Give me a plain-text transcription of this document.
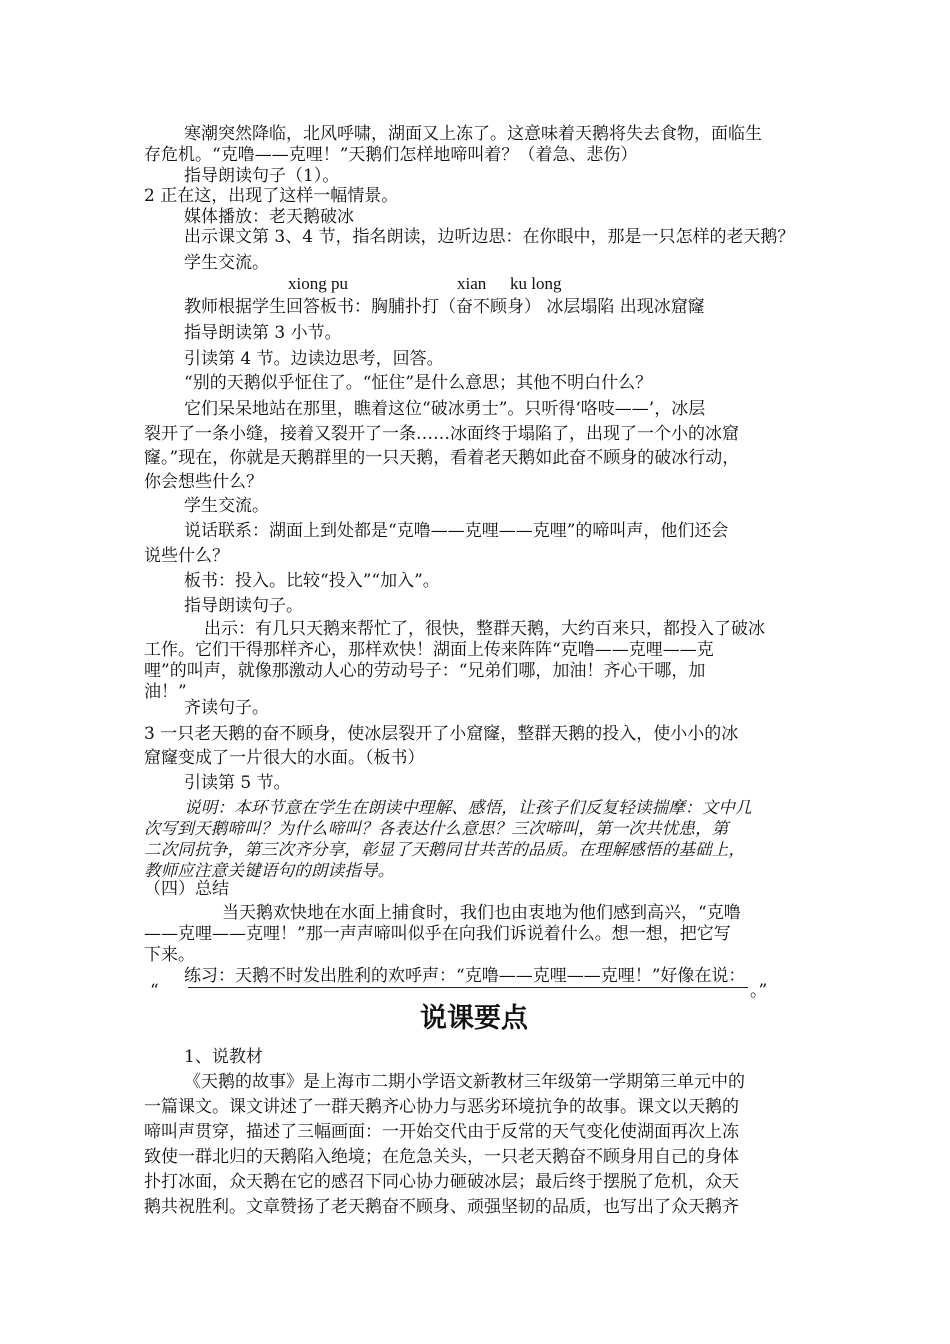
寒潮突然降临，北风呼啸，湖面又上冻了。这意味着天鹅将失去食物，面临生
存危机。“克噜——克哩！”天鹅们怎样地啼叫着？（着急、悲伤）
指导朗读句子（1）。
2 正在这，出现了这样一幅情景。
媒体播放：老天鹅破冰
出示课文第 3、4 节，指名朗读，边听边思：在你眼中，那是一只怎样的老天鹅？
学生交流。
xiong pu	xian ku long
教师根据学生回答板书：胸脯扑打（奋不顾身） 冰层塌陷 出现冰窟窿
指导朗读第 3 小节。
引读第 4 节。边读边思考，回答。
“别的天鹅似乎怔住了。“怔住”是什么意思；其他不明白什么？
它们呆呆地站在那里，瞧着这位“破冰勇士”。只听得‘咯吱——’，冰层
裂开了一条小缝，接着又裂开了一条……冰面终于塌陷了，出现了一个小的冰窟
窿。”现在，你就是天鹅群里的一只天鹅，看着老天鹅如此奋不顾身的破冰行动，
你会想些什么？
学生交流。
说话联系：湖面上到处都是“克噜——克哩——克哩”的啼叫声，他们还会
说些什么？
板书：投入。比较“投入”“加入”。
指导朗读句子。
出示：有几只天鹅来帮忙了，很快，整群天鹅，大约百来只，都投入了破冰
工作。它们干得那样齐心，那样欢快！湖面上传来阵阵“克噜——克哩——克
哩”的叫声，就像那激动人心的劳动号子：“兄弟们哪，加油！齐心干哪，加
油！”
齐读句子。
3 一只老天鹅的奋不顾身，使冰层裂开了小窟窿，整群天鹅的投入，使小小的冰
窟窿变成了一片很大的水面。（板书）
引读第 5 节。
说明：本环节意在学生在朗读中理解、感悟，让孩子们反复轻读揣摩：文中几
次写到天鹅啼叫？为什么啼叫？各表达什么意思？三次啼叫，第一次共忧患，第
二次同抗争，第三次齐分享，彰显了天鹅同甘共苦的品质。在理解感悟的基础上，
教师应注意关键语句的朗读指导。
（四）总结
当天鹅欢快地在水面上捕食时，我们也由衷地为他们感到高兴，“克噜
——克哩——克哩！”那一声声啼叫似乎在向我们诉说着什么。想一想，把它写
下来。
练习：天鹅不时发出胜利的欢呼声：“克噜——克哩——克哩！”好像在说：
“	。”
说课要点
1、说教材
《天鹅的故事》是上海市二期小学语文新教材三年级第一学期第三单元中的
一篇课文。课文讲述了一群天鹅齐心协力与恶劣环境抗争的故事。课文以天鹅的
啼叫声贯穿，描述了三幅画面：一开始交代由于反常的天气变化使湖面再次上冻
致使一群北归的天鹅陷入绝境；在危急关头，一只老天鹅奋不顾身用自己的身体
扑打冰面，众天鹅在它的感召下同心协力砸破冰层；最后终于摆脱了危机，众天
鹅共祝胜利。文章赞扬了老天鹅奋不顾身、顽强坚韧的品质，也写出了众天鹅齐
